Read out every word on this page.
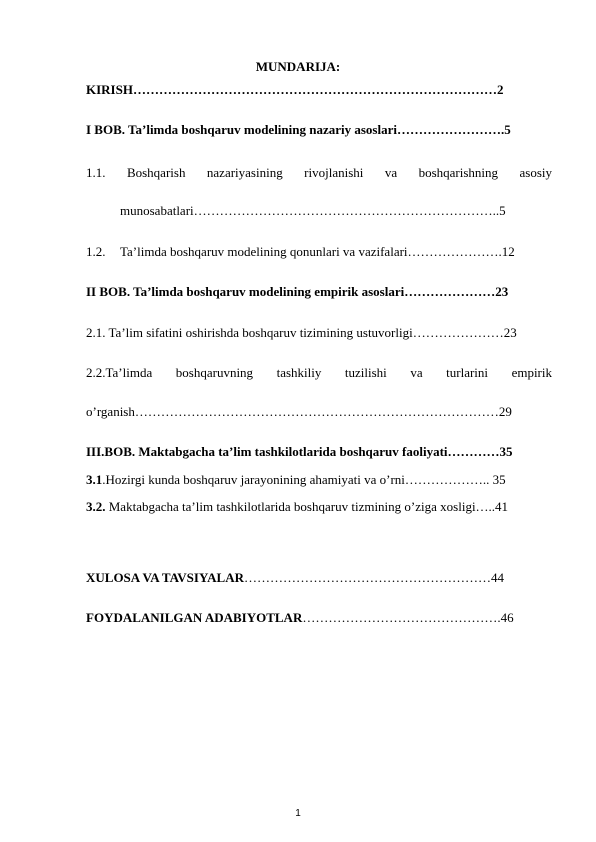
MUNDARIJA:
KIRISH…………………………………………………………………………2
I BOB. Ta’limda boshqaruv modelining nazariy asoslari…………………….5
1.1. Boshqarish nazariyasining rivojlanishi va boshqarishning asosiy
munosabatlari……………………………………………………………..5
1.2. Ta’limda boshqaruv modelining qonunlari va vazifalari………………….12
II BOB. Ta’limda boshqaruv modelining empirik asoslari…………………23
2.1. Ta’lim sifatini oshirishda boshqaruv tizimining ustuvorligi…………………23
2.2.Ta’limda boshqaruvning tashkiliy tuzilishi va turlarini empirik
o’rganish…………………………………………………………………………29
III.BOB. Maktabgacha ta’lim tashkilotlarida boshqaruv faoliyati…………35
3.1.Hozirgi kunda boshqaruv jarayonining ahamiyati va o’rni……………….. 35
3.2. Maktabgacha ta’lim tashkilotlarida boshqaruv tizmining o’ziga xosligi…..41
XULOSA VA TAVSIYALAR…………………………………………………44
FOYDALANILGAN ADABIYOTLAR……………………………………….46
1
